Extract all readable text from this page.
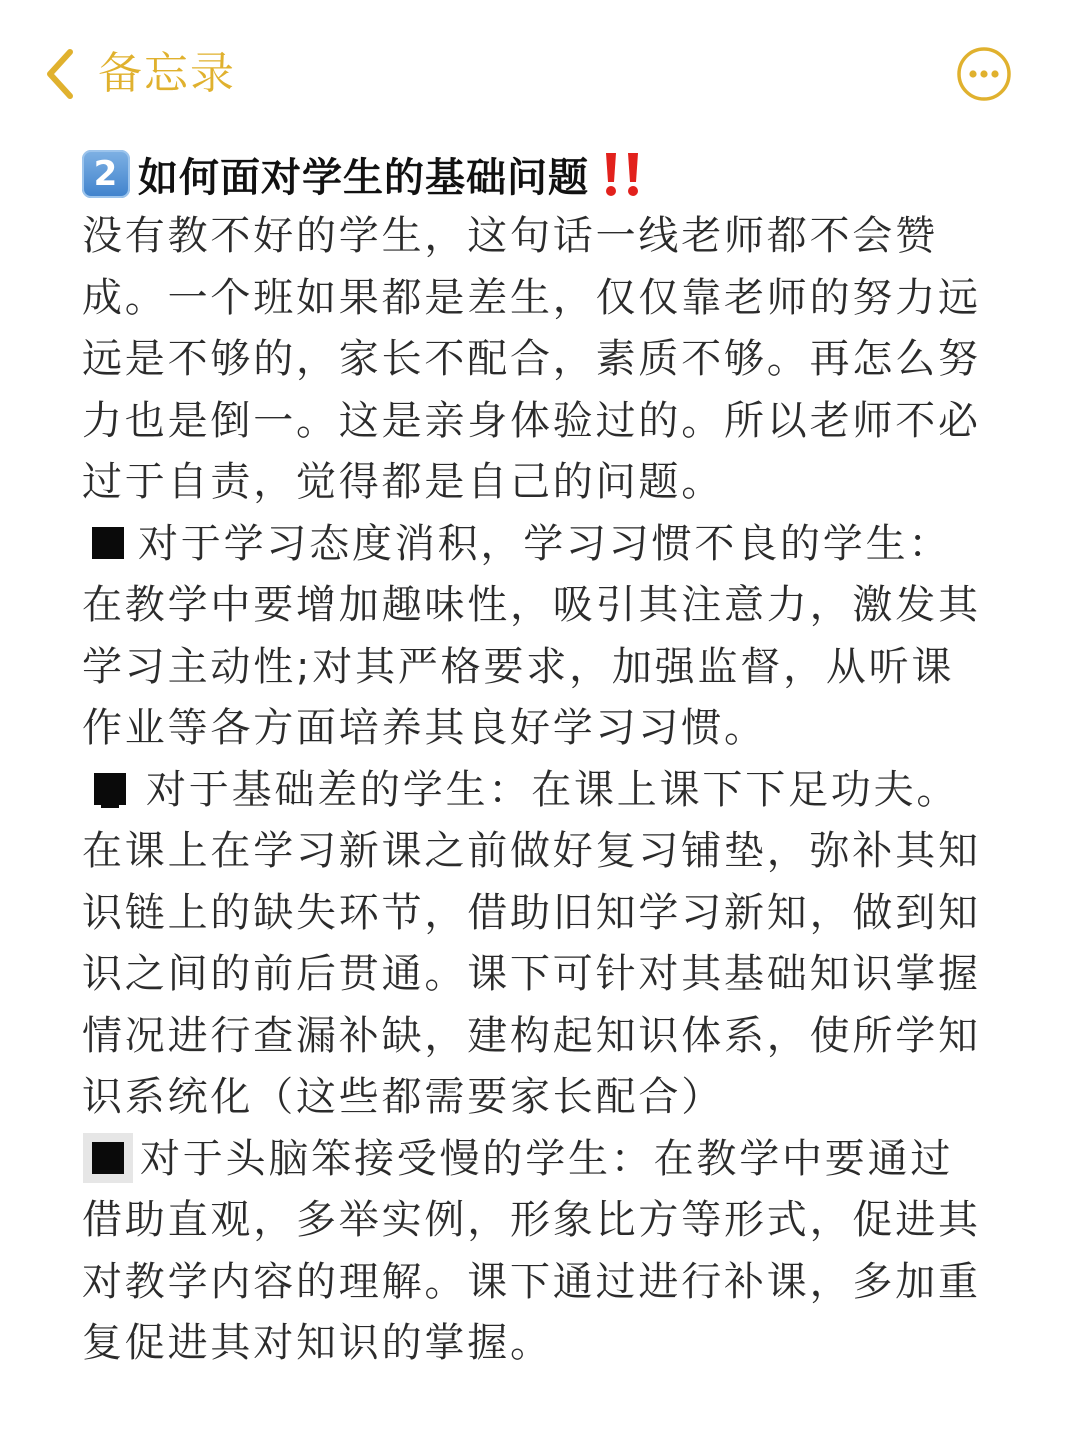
备忘录
2 如何面对学生的基础问题

没有教不好的学生，这句话一线老师都不会赞成。一个班如果都是差生，仅仅靠老师的努力远远是不够的，家长不配合，素质不够。再怎么努力也是倒一。这是亲身体验过的。所以老师不必过于自责，觉得都是自己的问题。

对于学习态度消积，学习习惯不良的学生：在教学中要增加趣味性，吸引其注意力，激发其学习主动性;对其严格要求，加强监督，从听课作业等各方面培养其良好学习习惯。

对于基础差的学生：在课上课下下足功夫。在课上在学习新课之前做好复习铺垫，弥补其知识链上的缺失环节，借助旧知学习新知，做到知识之间的前后贯通。课下可针对其基础知识掌握情况进行查漏补缺，建构起知识体系，使所学知识系统化（这些都需要家长配合）

对于头脑笨接受慢的学生：在教学中要通过借助直观，多举实例，形象比方等形式，促进其对教学内容的理解。课下通过进行补课，多加重复促进其对知识的掌握。
